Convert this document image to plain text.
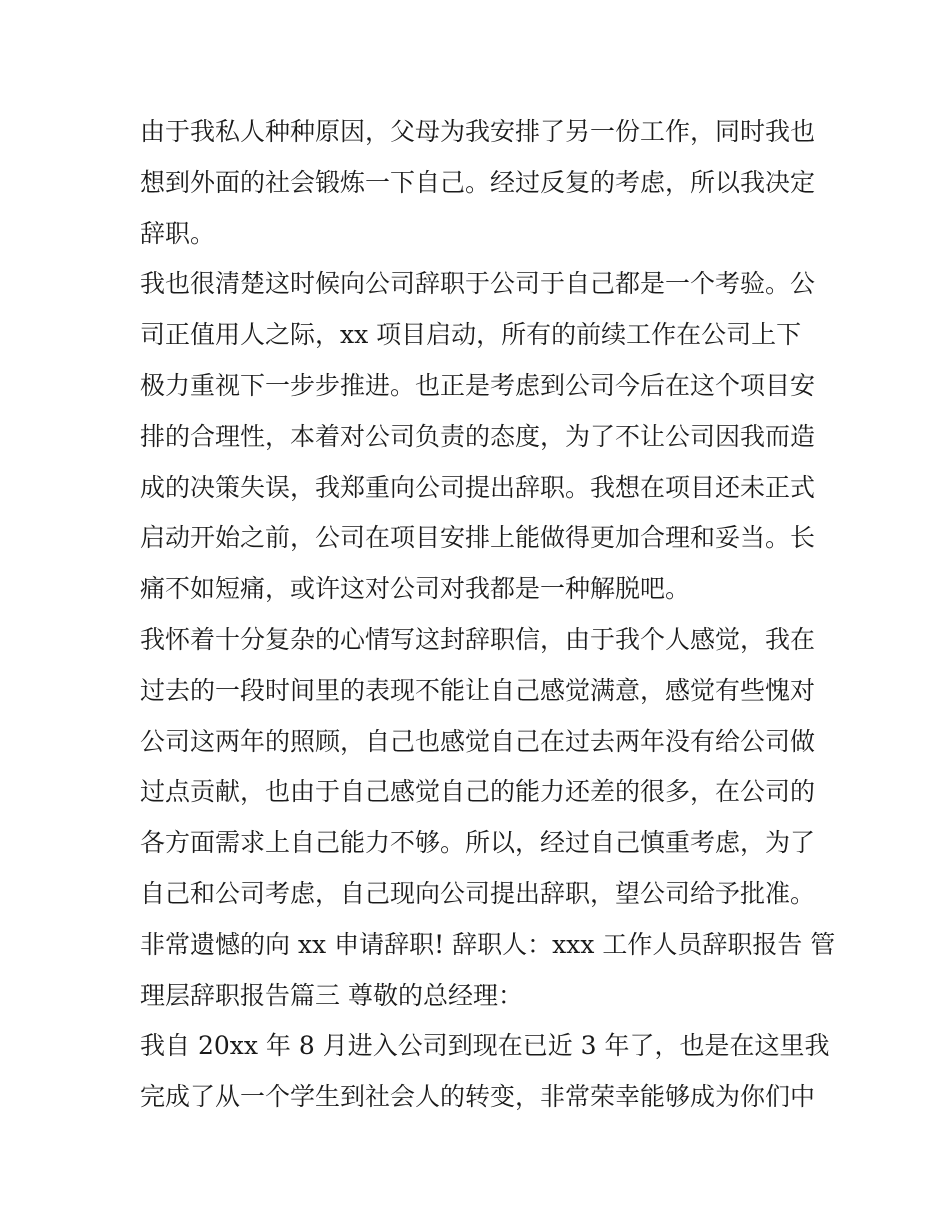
由于我私人种种原因，父母为我安排了另一份工作，同时我也
想到外面的社会锻炼一下自己。经过反复的考虑，所以我决定
辞职。
我也很清楚这时候向公司辞职于公司于自己都是一个考验。公
司正值用人之际，xx 项目启动，所有的前续工作在公司上下
极力重视下一步步推进。也正是考虑到公司今后在这个项目安
排的合理性，本着对公司负责的态度，为了不让公司因我而造
成的决策失误，我郑重向公司提出辞职。我想在项目还未正式
启动开始之前，公司在项目安排上能做得更加合理和妥当。长
痛不如短痛，或许这对公司对我都是一种解脱吧。
我怀着十分复杂的心情写这封辞职信，由于我个人感觉，我在
过去的一段时间里的表现不能让自己感觉满意，感觉有些愧对
公司这两年的照顾，自己也感觉自己在过去两年没有给公司做
过点贡献，也由于自己感觉自己的能力还差的很多，在公司的
各方面需求上自己能力不够。所以，经过自己慎重考虑，为了
自己和公司考虑，自己现向公司提出辞职，望公司给予批准。
非常遗憾的向 xx 申请辞职! 辞职人：xxx 工作人员辞职报告 管
理层辞职报告篇三 尊敬的总经理：
我自 20xx 年 8 月进入公司到现在已近 3 年了，也是在这里我
完成了从一个学生到社会人的转变，非常荣幸能够成为你们中
